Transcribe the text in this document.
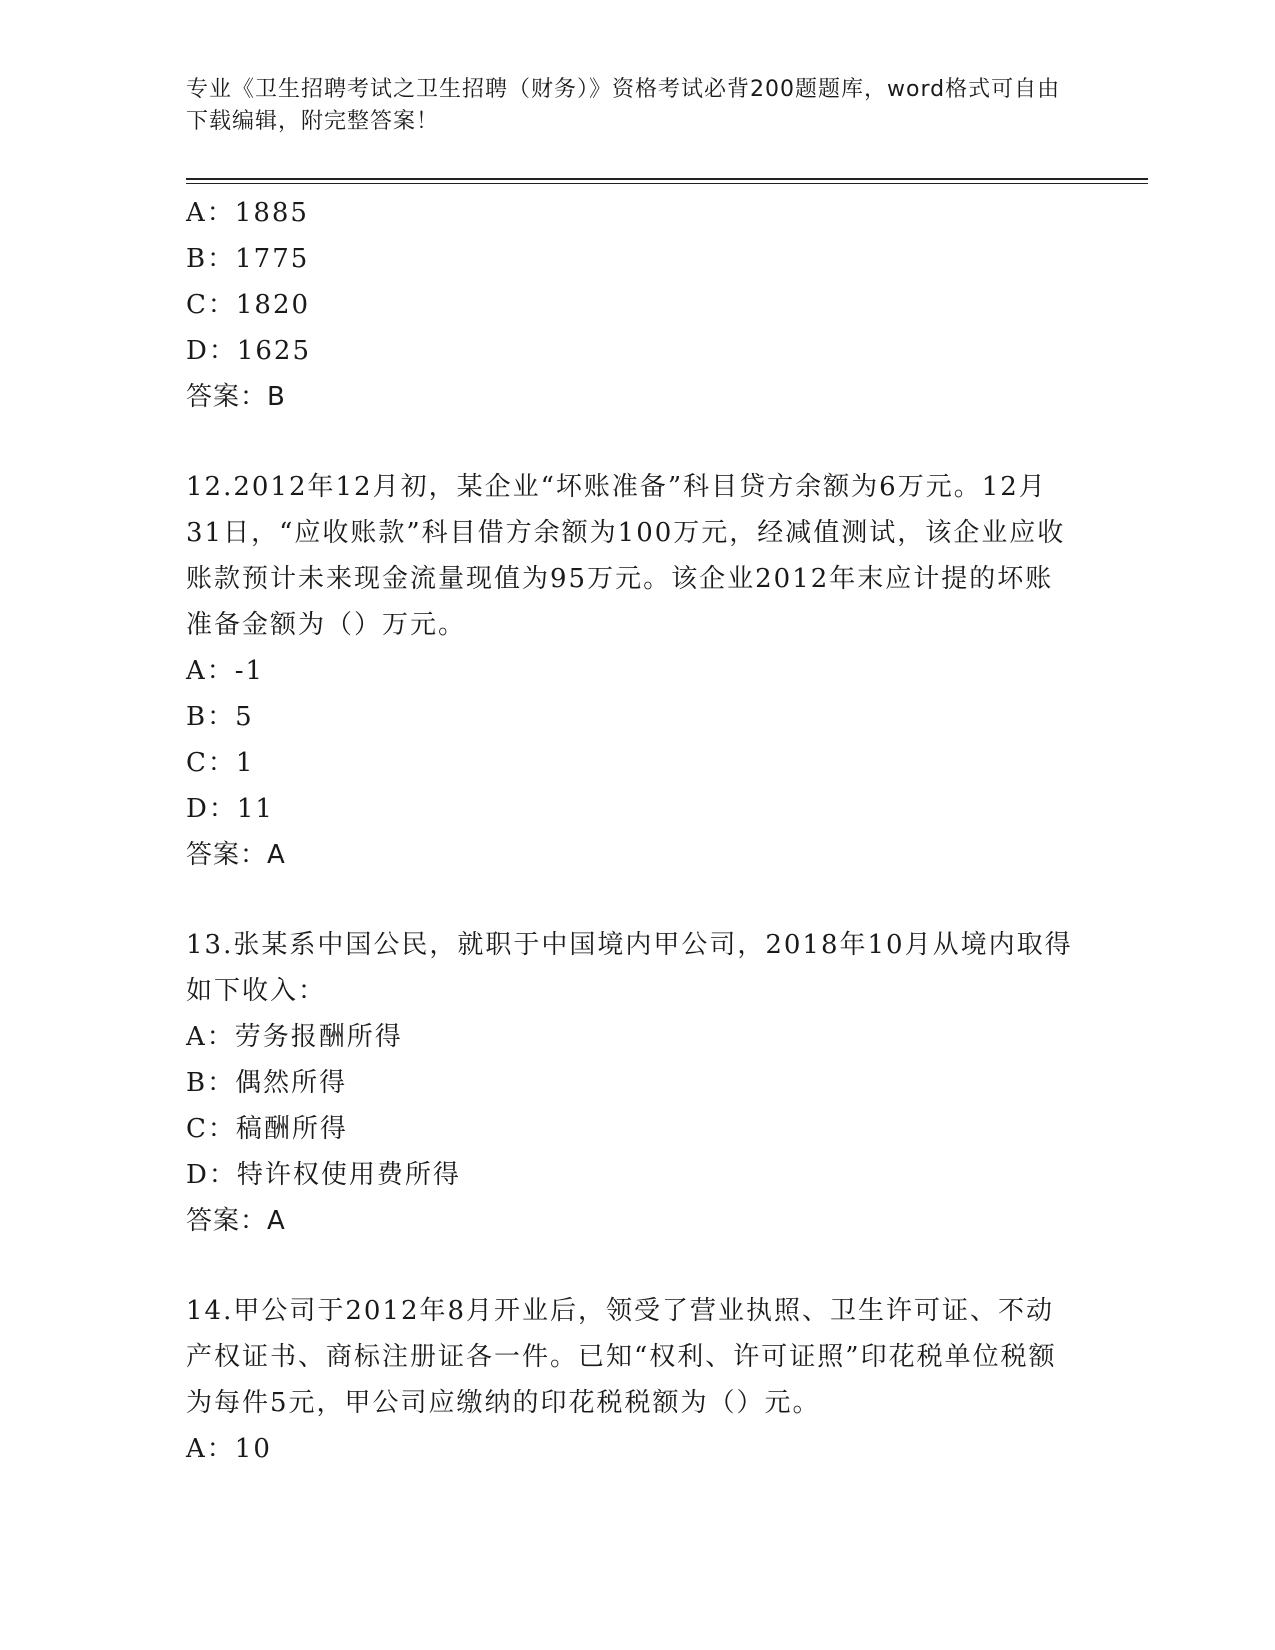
专业《卫生招聘考试之卫生招聘（财务）》资格考试必背200题题库，word格式可自由下载编辑，附完整答案！
A：1885
B：1775
C：1820
D：1625
答案：B

12.2012年12月初，某企业“坏账准备”科目贷方余额为6万元。12月31日，“应收账款”科目借方余额为100万元，经减值测试，该企业应收账款预计未来现金流量现值为95万元。该企业2012年末应计提的坏账准备金额为（）万元。

A：-1
B：5
C：1
D：11
答案：A

13.张某系中国公民，就职于中国境内甲公司，2018年10月从境内取得如下收入：

A：劳务报酬所得
B：偶然所得
C：稿酬所得
D：特许权使用费所得
答案：A

14.甲公司于2012年8月开业后，领受了营业执照、卫生许可证、不动产权证书、商标注册证各一件。已知“权利、许可证照”印花税单位税额为每件5元，甲公司应缴纳的印花税税额为（）元。

A：10
